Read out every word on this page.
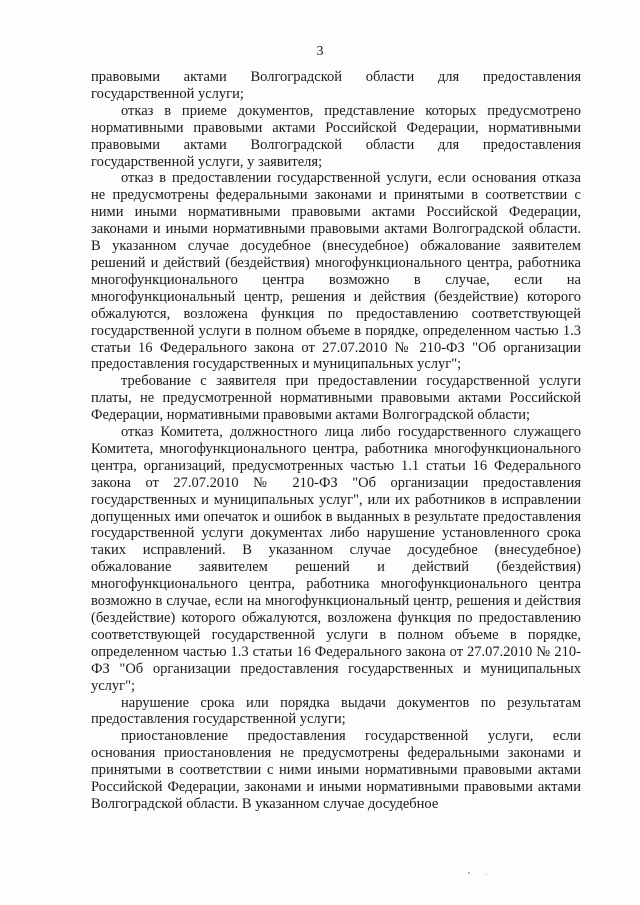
3

правовыми актами Волгоградской области для предоставления государственной услуги;

отказ в приеме документов, представление которых предусмотрено нормативными правовыми актами Российской Федерации, нормативными правовыми актами Волгоградской области для предоставления государственной услуги, у заявителя;

отказ в предоставлении государственной услуги, если основания отказа не предусмотрены федеральными законами и принятыми в соответствии с ними иными нормативными правовыми актами Российской Федерации, законами и иными нормативными правовыми актами Волгоградской области. В указанном случае досудебное (внесудебное) обжалование заявителем решений и действий (бездействия) многофункционального центра, работника многофункционального центра возможно в случае, если на многофункциональный центр, решения и действия (бездействие) которого обжалуются, возложена функция по предоставлению соответствующей государственной услуги в полном объеме в порядке, определенном частью 1.3 статьи 16 Федерального закона от 27.07.2010 № 210-ФЗ "Об организации предоставления государственных и муниципальных услуг";

требование с заявителя при предоставлении государственной услуги платы, не предусмотренной нормативными правовыми актами Российской Федерации, нормативными правовыми актами Волгоградской области;

отказ Комитета, должностного лица либо государственного служащего Комитета, многофункционального центра, работника многофункционального центра, организаций, предусмотренных частью 1.1 статьи 16 Федерального закона от 27.07.2010 № 210-ФЗ "Об организации предоставления государственных и муниципальных услуг", или их работников в исправлении допущенных ими опечаток и ошибок в выданных в результате предоставления государственной услуги документах либо нарушение установленного срока таких исправлений. В указанном случае досудебное (внесудебное) обжалование заявителем решений и действий (бездействия) многофункционального центра, работника многофункционального центра возможно в случае, если на многофункциональный центр, решения и действия (бездействие) которого обжалуются, возложена функция по предоставлению соответствующей государственной услуги в полном объеме в порядке, определенном частью 1.3 статьи 16 Федерального закона от 27.07.2010 № 210-ФЗ "Об организации предоставления государственных и муниципальных услуг";

нарушение срока или порядка выдачи документов по результатам предоставления государственной услуги;

приостановление предоставления государственной услуги, если основания приостановления не предусмотрены федеральными законами и принятыми в соответствии с ними иными нормативными правовыми актами Российской Федерации, законами и иными нормативными правовыми актами Волгоградской области. В указанном случае досудебное
